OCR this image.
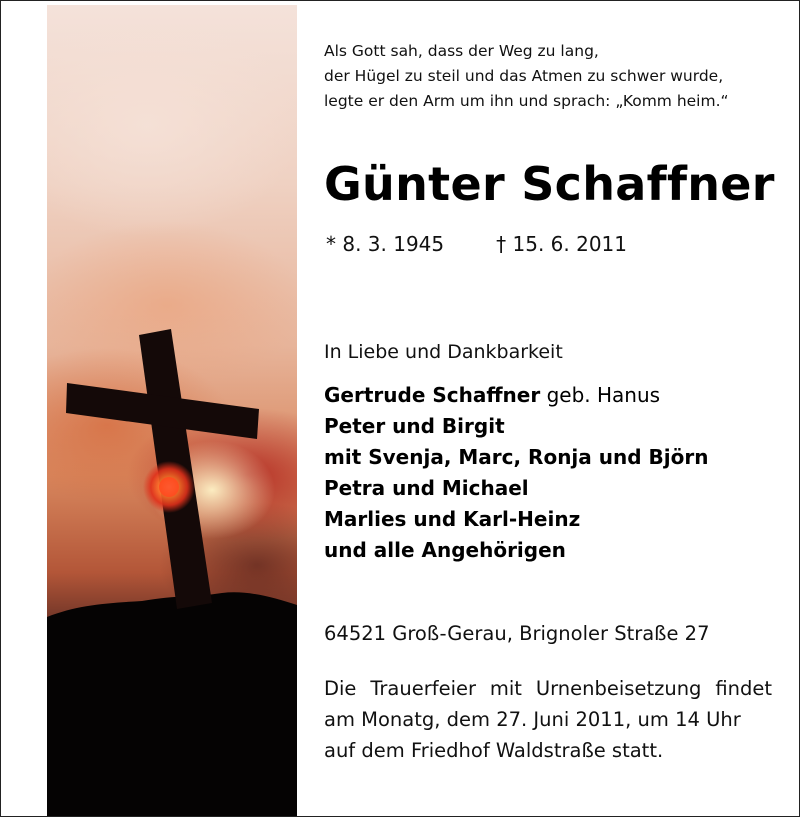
Als Gott sah, dass der Weg zu lang,
der Hügel zu steil und das Atmen zu schwer wurde,
legte er den Arm um ihn und sprach: „Komm heim.“
Günter Schaffner
* 8. 3. 1945	† 15. 6. 2011
In Liebe und Dankbarkeit
Gertrude Schaffner geb. Hanus
Peter und Birgit
mit Svenja, Marc, Ronja und Björn
Petra und Michael
Marlies und Karl-Heinz
und alle Angehörigen
64521 Groß-Gerau, Brignoler Straße 27
Die Trauerfeier mit Urnenbeisetzung findet
am Monatg, dem 27. Juni 2011, um 14 Uhr
auf dem Friedhof Waldstraße statt.
